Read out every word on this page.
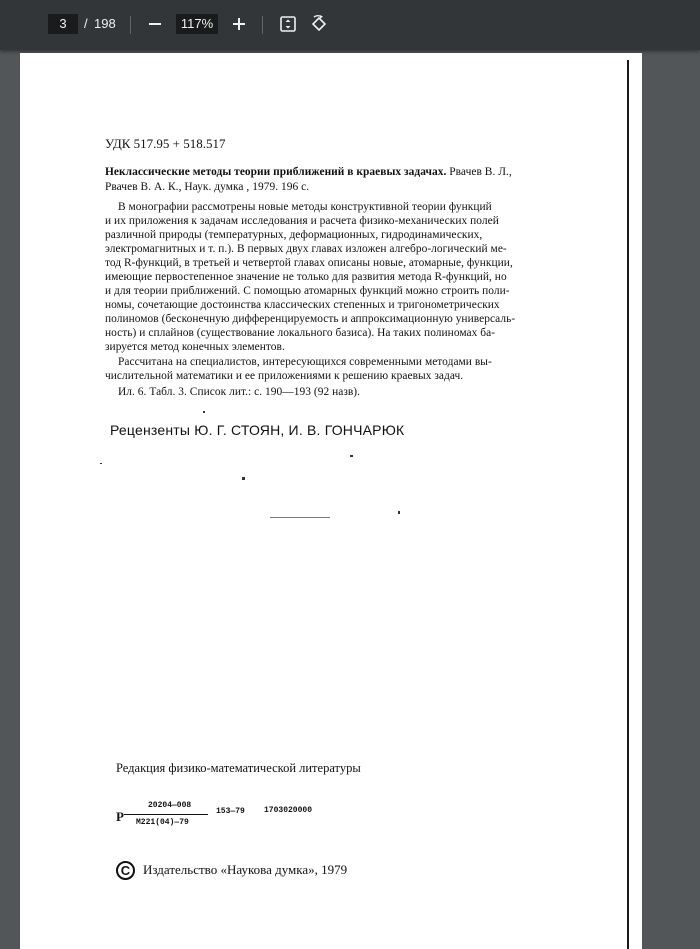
3	/ 198	117%
УДК 517.95 + 518.517
Неклассические методы теории приближений в краевых задачах. Рвачев В. Л.,
Рвачев В. А. К., Наук. думка , 1979. 196 с.
В монографии рассмотрены новые методы конструктивной теории функций
и их приложения к задачам исследования и расчета физико-механических полей
различной природы (температурных, деформационных, гидродинамических,
электромагнитных и т. п.). В первых двух главах изложен алгебро-логический ме-
тод R-функций, в третьей и четвертой главах описаны новые, атомарные, функции,
имеющие первостепенное значение не только для развития метода R-функций, но
и для теории приближений. С помощью атомарных функций можно строить поли-
номы, сочетающие достоинства классических степенных и тригонометрических
полиномов (бесконечную дифференцируемость и аппроксимационную универсаль-
ность) и сплайнов (существование локального базиса). На таких полиномах ба-
зируется метод конечных элементов.
Рассчитана на специалистов, интересующихся современными методами вы-
числительной математики и ее приложениями к решению краевых задач.
Ил. 6. Табл. 3. Список лит.: с. 190—193 (92 назв).
Рецензенты Ю. Г. СТОЯН, И. В. ГОНЧАРЮК
Редакция физико-математической литературы
Р
20204—008
М221(04)—79
153—79 1703020000
С Издательство «Наукова думка», 1979
